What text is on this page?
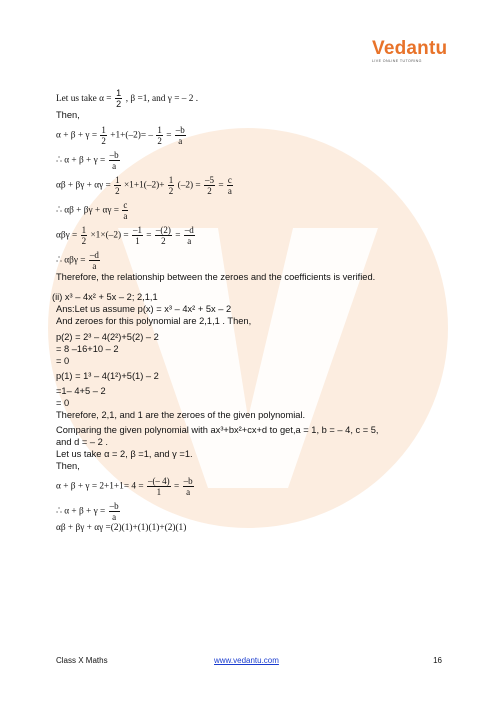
Vedantu
LIVE ONLINE TUTORING
Let us take $\alpha = \frac{1}{2}$ , β =1, and γ = – 2 .
Then,
$\alpha + \beta + \gamma = \frac{1}{2} +1+(-2)= - \frac{1}{2} = \frac{-b}{a}$
∴ $\alpha + \beta + \gamma = \frac{-b}{a}$
$\alpha\beta + \beta\gamma + \alpha\gamma = \frac{1}{2} \times 1+1(-2)+ \frac{1}{2} (-2) = \frac{-5}{2} = \frac{c}{a}$
∴ $\alpha\beta + \beta\gamma + \alpha\gamma = \frac{c}{a}$
$\alpha\beta\gamma = \frac{1}{2} \times 1\times(-2) = \frac{-1}{1} = \frac{-(2)}{2} = \frac{-d}{a}$
∴ $\alpha\beta\gamma = \frac{-d}{a}$
Therefore, the relationship between the zeroes and the coefficients is verified.
(ii) x³ – 4x² + 5x – 2; 2,1,1
Ans:Let us assume p(x) = x³ – 4x² + 5x – 2
And zeroes for this polynomial are 2,1,1 . Then,
p(2) = 2³ – 4(2²)+5(2) – 2
= 8 –16+10 – 2
= 0
p(1) = 1³ – 4(1²)+5(1) – 2
=1– 4+5 – 2
= 0
Therefore, 2,1, and 1 are the zeroes of the given polynomial.
Comparing the given polynomial with ax³+bx²+cx+d to get,a = 1, b = – 4, c = 5,
and d = – 2 .
Let us take α = 2, β =1, and γ =1.
Then,
$\alpha + \beta + \gamma = 2+1+1= 4 = \frac{-(- 4)}{1} = \frac{-b}{a}$
∴ $\alpha + \beta + \gamma = \frac{-b}{a}$
αβ + βγ + αγ =(2)(1)+(1)(1)+(2)(1)
Class X Maths	www.vedantu.com	16
